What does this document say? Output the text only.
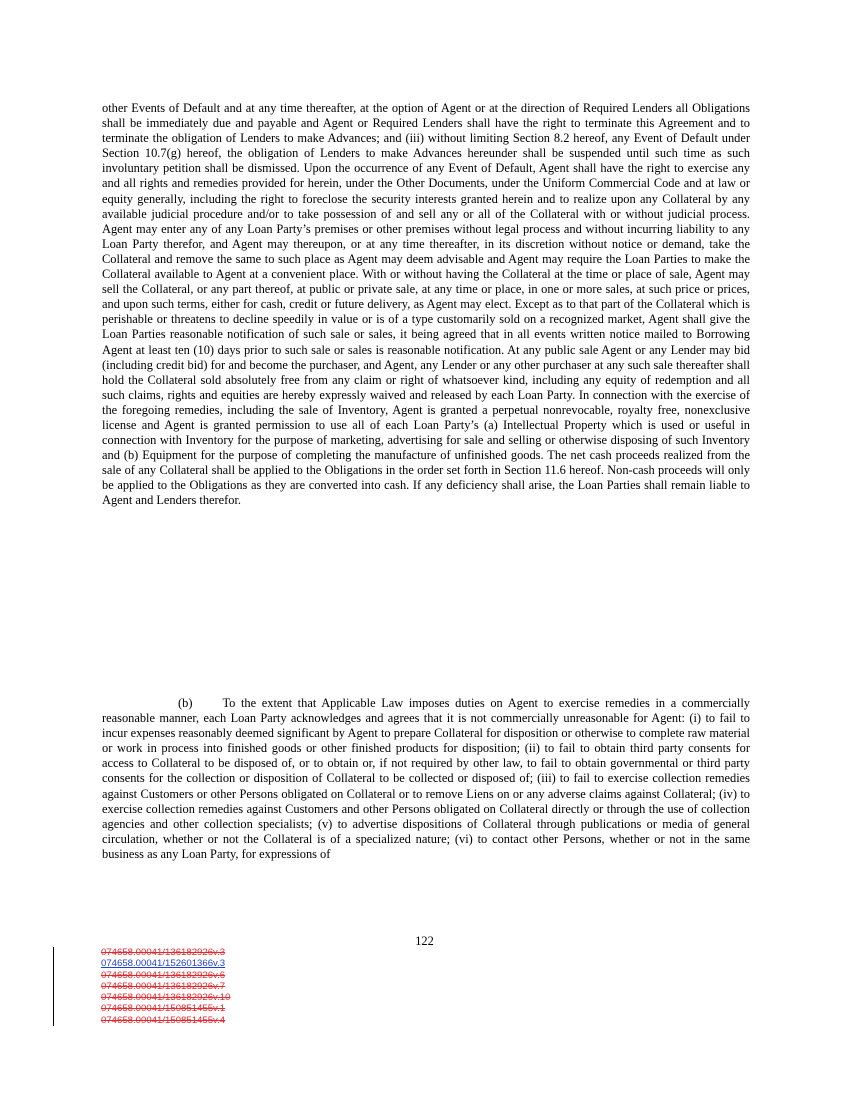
other Events of Default and at any time thereafter, at the option of Agent or at the direction of Required Lenders all Obligations shall be immediately due and payable and Agent or Required Lenders shall have the right to terminate this Agreement and to terminate the obligation of Lenders to make Advances; and (iii) without limiting Section 8.2 hereof, any Event of Default under Section 10.7(g) hereof, the obligation of Lenders to make Advances hereunder shall be suspended until such time as such involuntary petition shall be dismissed. Upon the occurrence of any Event of Default, Agent shall have the right to exercise any and all rights and remedies provided for herein, under the Other Documents, under the Uniform Commercial Code and at law or equity generally, including the right to foreclose the security interests granted herein and to realize upon any Collateral by any available judicial procedure and/or to take possession of and sell any or all of the Collateral with or without judicial process. Agent may enter any of any Loan Party’s premises or other premises without legal process and without incurring liability to any Loan Party therefor, and Agent may thereupon, or at any time thereafter, in its discretion without notice or demand, take the Collateral and remove the same to such place as Agent may deem advisable and Agent may require the Loan Parties to make the Collateral available to Agent at a convenient place. With or without having the Collateral at the time or place of sale, Agent may sell the Collateral, or any part thereof, at public or private sale, at any time or place, in one or more sales, at such price or prices, and upon such terms, either for cash, credit or future delivery, as Agent may elect. Except as to that part of the Collateral which is perishable or threatens to decline speedily in value or is of a type customarily sold on a recognized market, Agent shall give the Loan Parties reasonable notification of such sale or sales, it being agreed that in all events written notice mailed to Borrowing Agent at least ten (10) days prior to such sale or sales is reasonable notification. At any public sale Agent or any Lender may bid (including credit bid) for and become the purchaser, and Agent, any Lender or any other purchaser at any such sale thereafter shall hold the Collateral sold absolutely free from any claim or right of whatsoever kind, including any equity of redemption and all such claims, rights and equities are hereby expressly waived and released by each Loan Party. In connection with the exercise of the foregoing remedies, including the sale of Inventory, Agent is granted a perpetual nonrevocable, royalty free, nonexclusive license and Agent is granted permission to use all of each Loan Party’s (a) Intellectual Property which is used or useful in connection with Inventory for the purpose of marketing, advertising for sale and selling or otherwise disposing of such Inventory and (b) Equipment for the purpose of completing the manufacture of unfinished goods. The net cash proceeds realized from the sale of any Collateral shall be applied to the Obligations in the order set forth in Section 11.6 hereof. Non-cash proceeds will only be applied to the Obligations as they are converted into cash. If any deficiency shall arise, the Loan Parties shall remain liable to Agent and Lenders therefor.

(b) To the extent that Applicable Law imposes duties on Agent to exercise remedies in a commercially reasonable manner, each Loan Party acknowledges and agrees that it is not commercially unreasonable for Agent: (i) to fail to incur expenses reasonably deemed significant by Agent to prepare Collateral for disposition or otherwise to complete raw material or work in process into finished goods or other finished products for disposition; (ii) to fail to obtain third party consents for access to Collateral to be disposed of, or to obtain or, if not required by other law, to fail to obtain governmental or third party consents for the collection or disposition of Collateral to be collected or disposed of; (iii) to fail to exercise collection remedies against Customers or other Persons obligated on Collateral or to remove Liens on or any adverse claims against Collateral; (iv) to exercise collection remedies against Customers and other Persons obligated on Collateral directly or through the use of collection agencies and other collection specialists; (v) to advertise dispositions of Collateral through publications or media of general circulation, whether or not the Collateral is of a specialized nature; (vi) to contact other Persons, whether or not in the same business as any Loan Party, for expressions of

122
074658.00041/136182926v.3
074658.00041/152601366v.3
074658.00041/136182926v.6
074658.00041/136182926v.7
074658.00041/136182926v.10
074658.00041/150851455v.1
074658.00041/150851455v.4
